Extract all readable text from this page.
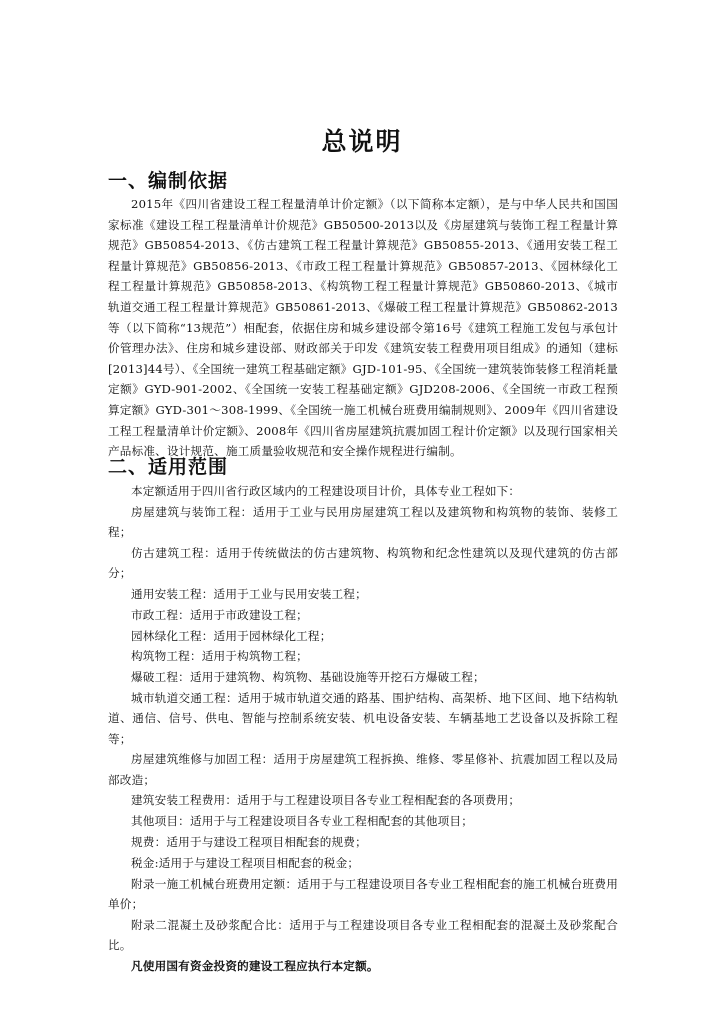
总说明
一、编制依据

2015年《四川省建设工程工程量清单计价定额》（以下简称本定额），是与中华人民共和国国家标准《建设工程工程量清单计价规范》GB50500-2013以及《房屋建筑与装饰工程工程量计算规范》GB50854-2013、《仿古建筑工程工程量计算规范》GB50855-2013、《通用安装工程工程量计算规范》GB50856-2013、《市政工程工程量计算规范》GB50857-2013、《园林绿化工程工程量计算规范》GB50858-2013、《构筑物工程工程量计算规范》GB50860-2013、《城市轨道交通工程工程量计算规范》GB50861-2013、《爆破工程工程量计算规范》GB50862-2013等（以下简称“13规范”）相配套，依据住房和城乡建设部令第16号《建筑工程施工发包与承包计价管理办法》、住房和城乡建设部、财政部关于印发《建筑安装工程费用项目组成》的通知（建标[2013]44号）、《全国统一建筑工程基础定额》GJD-101-95、《全国统一建筑装饰装修工程消耗量定额》GYD-901-2002、《全国统一安装工程基础定额》GJD208-2006、《全国统一市政工程预算定额》GYD-301～308-1999、《全国统一施工机械台班费用编制规则》、2009年《四川省建设工程工程量清单计价定额》、2008年《四川省房屋建筑抗震加固工程计价定额》以及现行国家相关产品标准、设计规范、施工质量验收规范和安全操作规程进行编制。

二、适用范围
本定额适用于四川省行政区域内的工程建设项目计价，具体专业工程如下：
房屋建筑与装饰工程：适用于工业与民用房屋建筑工程以及建筑物和构筑物的装饰、装修工程；
仿古建筑工程：适用于传统做法的仿古建筑物、构筑物和纪念性建筑以及现代建筑的仿古部分；
通用安装工程：适用于工业与民用安装工程；
市政工程：适用于市政建设工程；
园林绿化工程：适用于园林绿化工程；
构筑物工程：适用于构筑物工程；
爆破工程：适用于建筑物、构筑物、基础设施等开挖石方爆破工程；
城市轨道交通工程：适用于城市轨道交通的路基、围护结构、高架桥、地下区间、地下结构轨道、通信、信号、供电、智能与控制系统安装、机电设备安装、车辆基地工艺设备以及拆除工程等；
房屋建筑维修与加固工程：适用于房屋建筑工程拆换、维修、零星修补、抗震加固工程以及局部改造；
建筑安装工程费用：适用于与工程建设项目各专业工程相配套的各项费用；
其他项目：适用于与工程建设项目各专业工程相配套的其他项目；
规费：适用于与建设工程项目相配套的规费；
税金:适用于与建设工程项目相配套的税金；
附录一施工机械台班费用定额：适用于与工程建设项目各专业工程相配套的施工机械台班费用单价；
附录二混凝土及砂浆配合比：适用于与工程建设项目各专业工程相配套的混凝土及砂浆配合比。
凡使用国有资金投资的建设工程应执行本定额。
